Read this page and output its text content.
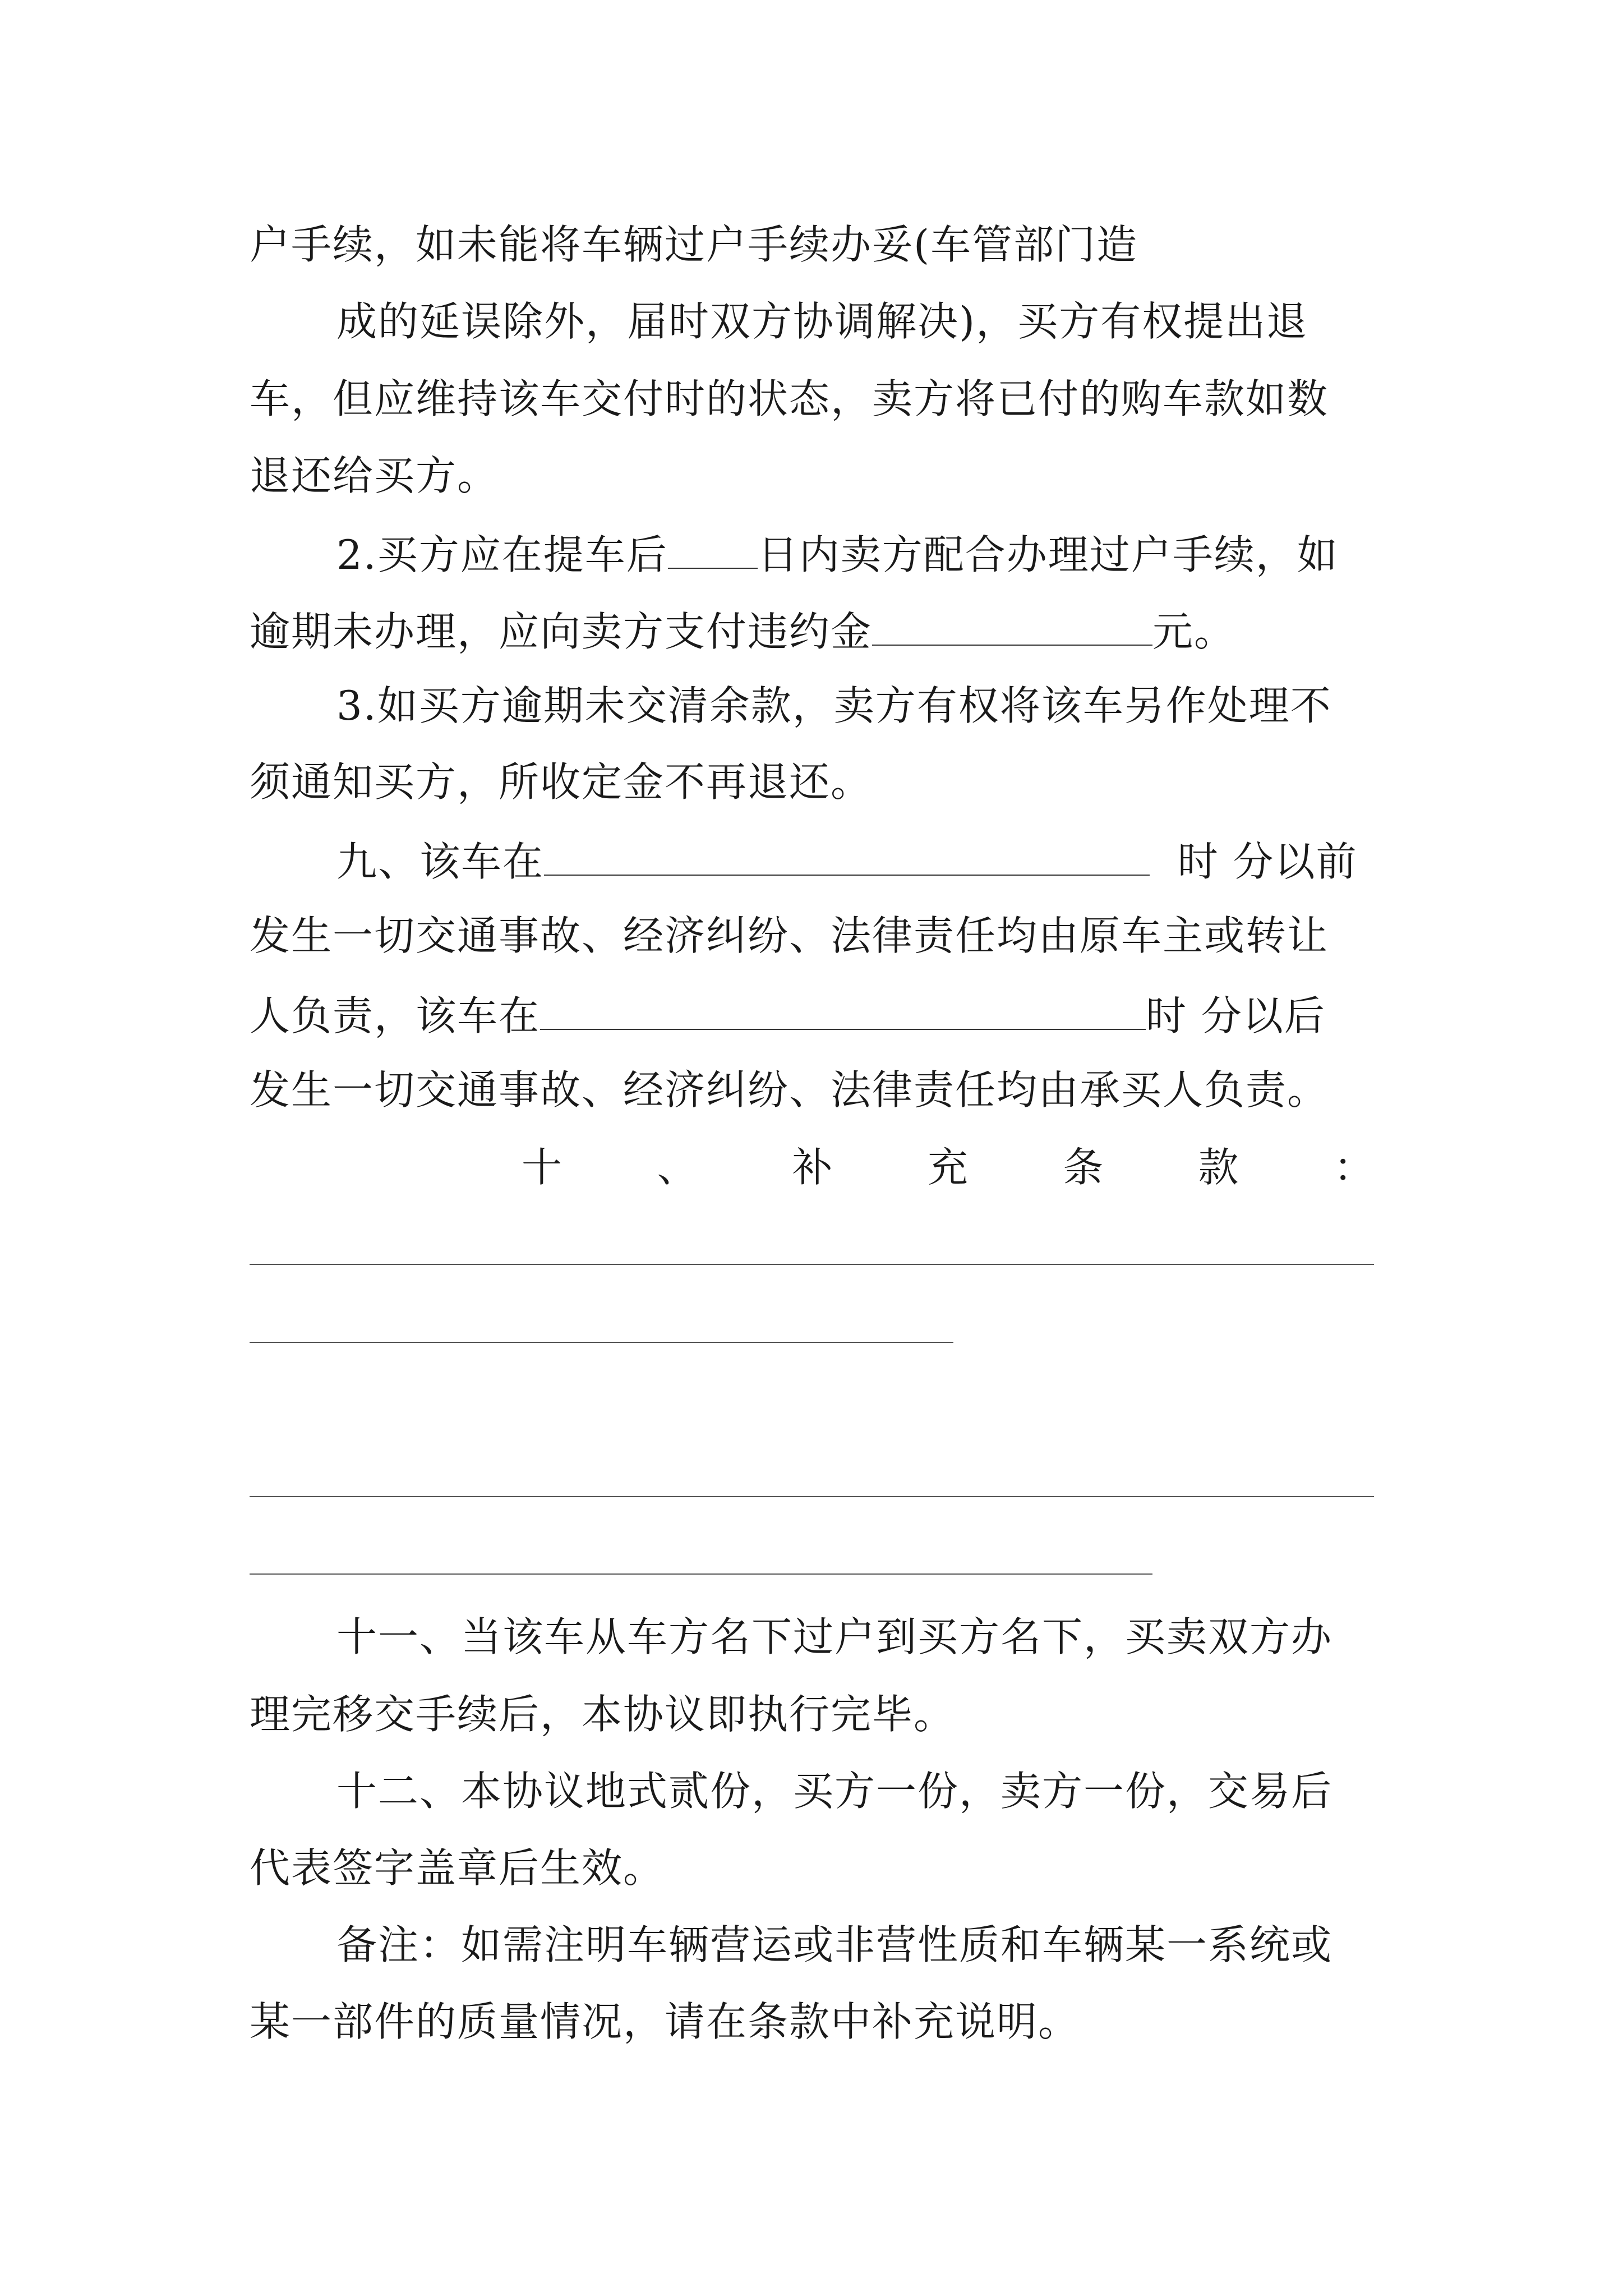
户手续，如未能将车辆过户手续办妥(车管部门造
成的延误除外，届时双方协调解决)，买方有权提出退
车，但应维持该车交付时的状态，卖方将已付的购车款如数
退还给买方。
2.买方应在提车后 日内卖方配合办理过户手续，如
逾期未办理，应向卖方支付违约金	元。
3.如买方逾期未交清余款，卖方有权将该车另作处理不
须通知买方，所收定金不再退还。
九、该车在	时 分以前
发生一切交通事故、经济纠纷、法律责任均由原车主或转让
人负责，该车在	时 分以后
发生一切交通事故、经济纠纷、法律责任均由承买人负责。
十 、 补 充 条 款 ：
十一、当该车从车方名下过户到买方名下，买卖双方办
理完移交手续后，本协议即执行完毕。
十二、本协议地式贰份，买方一份，卖方一份，交易后
代表签字盖章后生效。
备注：如需注明车辆营运或非营性质和车辆某一系统或
某一部件的质量情况，请在条款中补充说明。
